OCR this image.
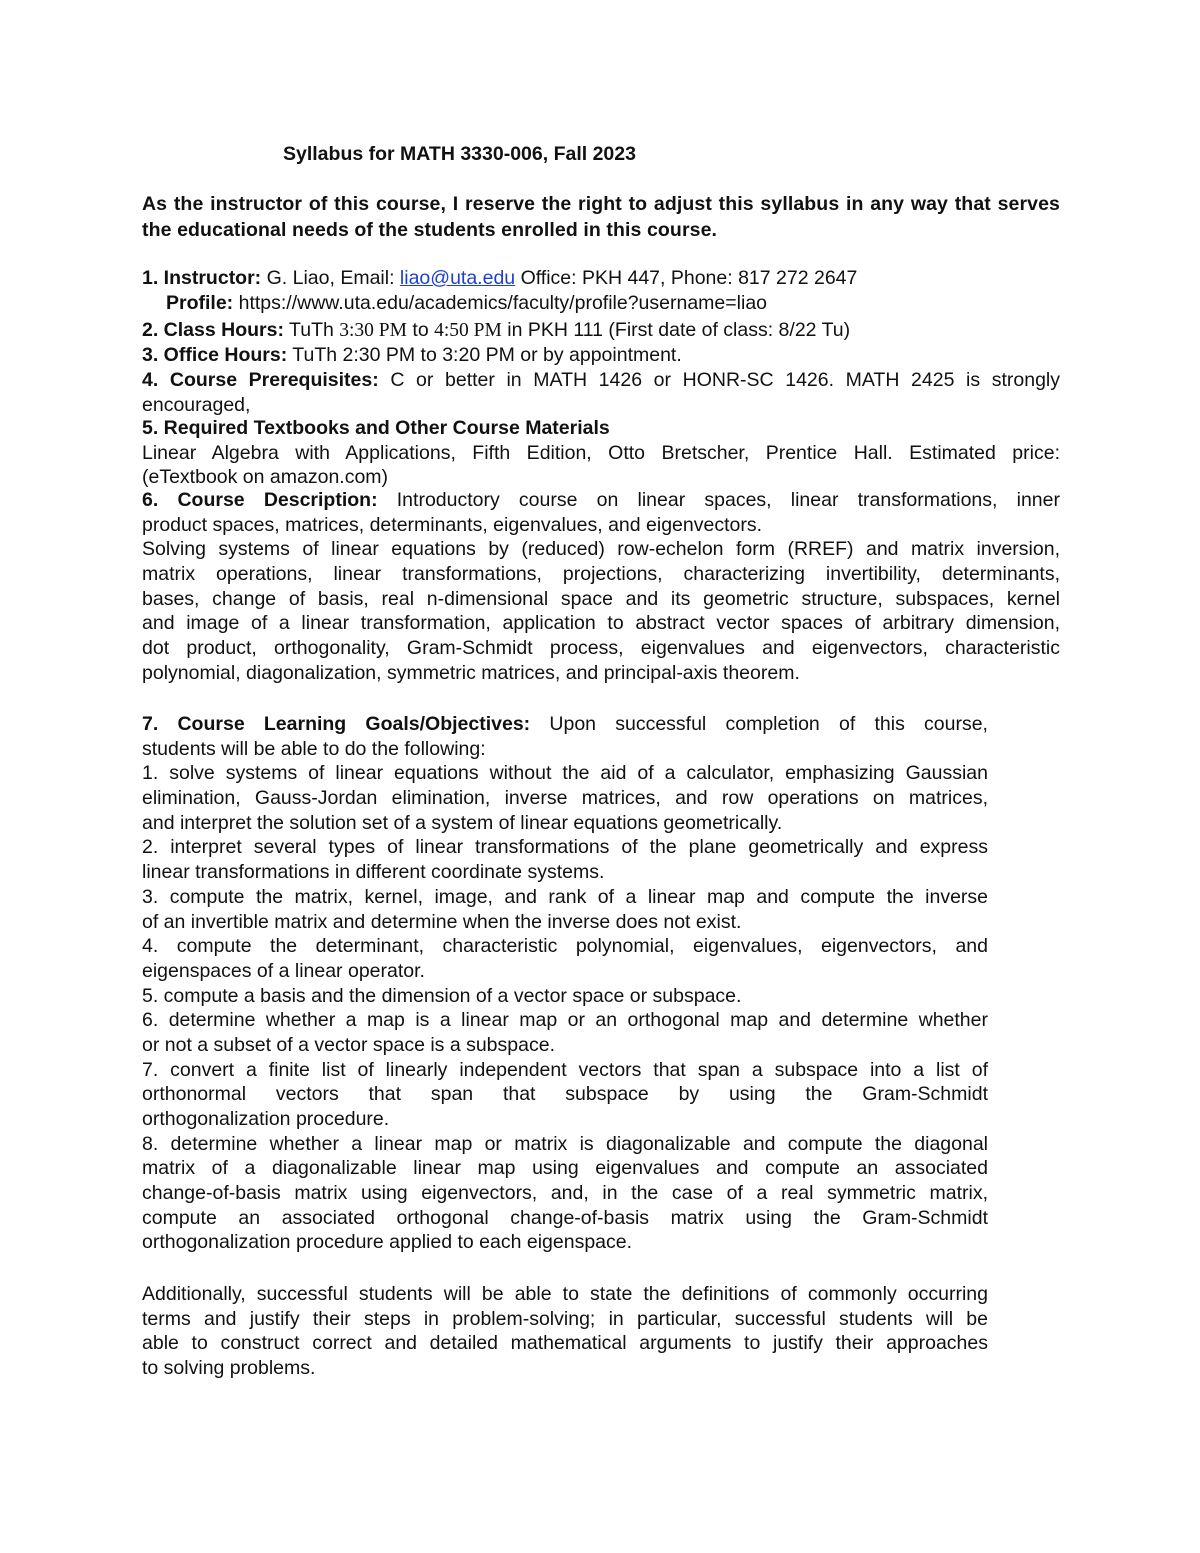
Syllabus for MATH 3330-006, Fall 2023
As the instructor of this course, I reserve the right to adjust this syllabus in any way that serves the educational needs of the students enrolled in this course.
1. Instructor: G. Liao, Email: liao@uta.edu Office: PKH 447, Phone: 817 272 2647
Profile: https://www.uta.edu/academics/faculty/profile?username=liao
2. Class Hours: TuTh 3:30 PM to 4:50 PM in PKH 111 (First date of class: 8/22 Tu)
3. Office Hours: TuTh 2:30 PM to 3:20 PM or by appointment.
4. Course Prerequisites: C or better in MATH 1426 or HONR-SC 1426. MATH 2425 is strongly
encouraged,
5. Required Textbooks and Other Course Materials
Linear Algebra with Applications, Fifth Edition, Otto Bretscher, Prentice Hall. Estimated price:
(eTextbook on amazon.com)
6. Course Description: Introductory course on linear spaces, linear transformations, inner
product spaces, matrices, determinants, eigenvalues, and eigenvectors.
Solving systems of linear equations by (reduced) row-echelon form (RREF) and matrix inversion,
matrix operations, linear transformations, projections, characterizing invertibility, determinants,
bases, change of basis, real n-dimensional space and its geometric structure, subspaces, kernel
and image of a linear transformation, application to abstract vector spaces of arbitrary dimension,
dot product, orthogonality, Gram-Schmidt process, eigenvalues and eigenvectors, characteristic
polynomial, diagonalization, symmetric matrices, and principal-axis theorem.
7. Course Learning Goals/Objectives: Upon successful completion of this course,
students will be able to do the following:
1. solve systems of linear equations without the aid of a calculator, emphasizing Gaussian
elimination, Gauss-Jordan elimination, inverse matrices, and row operations on matrices,
and interpret the solution set of a system of linear equations geometrically.
2. interpret several types of linear transformations of the plane geometrically and express
linear transformations in different coordinate systems.
3. compute the matrix, kernel, image, and rank of a linear map and compute the inverse
of an invertible matrix and determine when the inverse does not exist.
4. compute the determinant, characteristic polynomial, eigenvalues, eigenvectors, and
eigenspaces of a linear operator.
5. compute a basis and the dimension of a vector space or subspace.
6. determine whether a map is a linear map or an orthogonal map and determine whether
or not a subset of a vector space is a subspace.
7. convert a finite list of linearly independent vectors that span a subspace into a list of
orthonormal vectors that span that subspace by using the Gram-Schmidt
orthogonalization procedure.
8. determine whether a linear map or matrix is diagonalizable and compute the diagonal
matrix of a diagonalizable linear map using eigenvalues and compute an associated
change-of-basis matrix using eigenvectors, and, in the case of a real symmetric matrix,
compute an associated orthogonal change-of-basis matrix using the Gram-Schmidt
orthogonalization procedure applied to each eigenspace.
Additionally, successful students will be able to state the definitions of commonly occurring
terms and justify their steps in problem-solving; in particular, successful students will be
able to construct correct and detailed mathematical arguments to justify their approaches
to solving problems.
